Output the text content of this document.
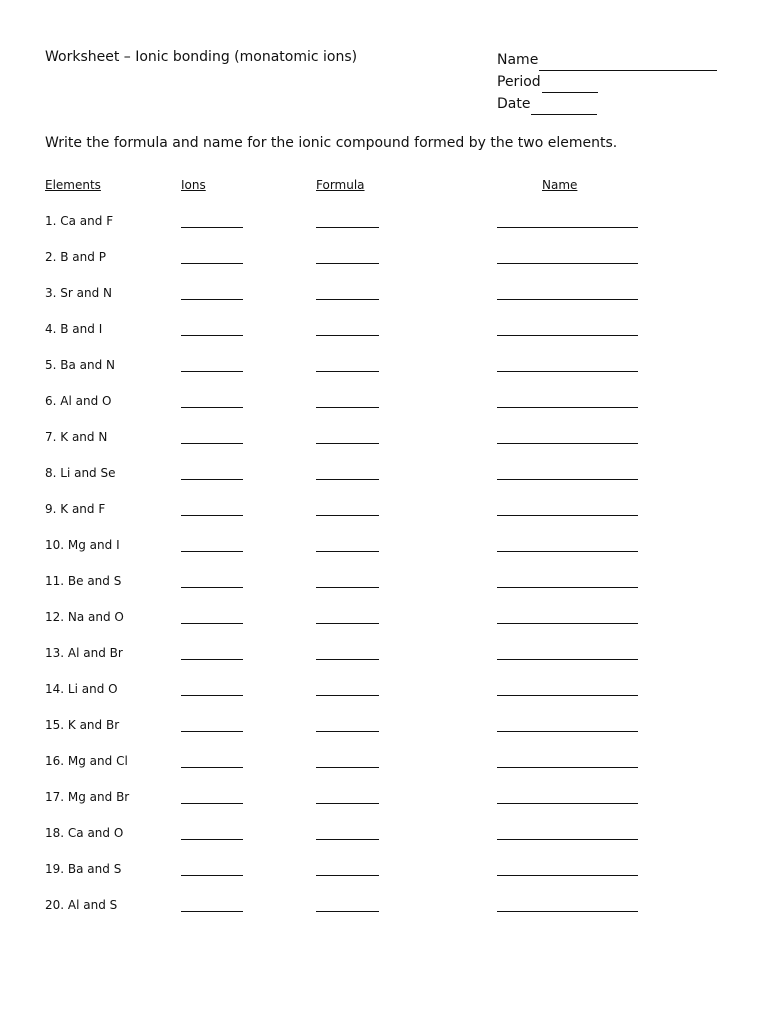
Worksheet – Ionic bonding (monatomic ions)	Name
Period
Date
Write the formula and name for the ionic compound formed by the two elements.
Elements	Ions	Formula	Name
1. Ca and F
2. B and P
3. Sr and N
4. B and I
5. Ba and N
6. Al and O
7. K and N
8. Li and Se
9. K and F
10. Mg and I
11. Be and S
12. Na and O
13. Al and Br
14. Li and O
15. K and Br
16. Mg and Cl
17. Mg and Br
18. Ca and O
19. Ba and S
20. Al and S
